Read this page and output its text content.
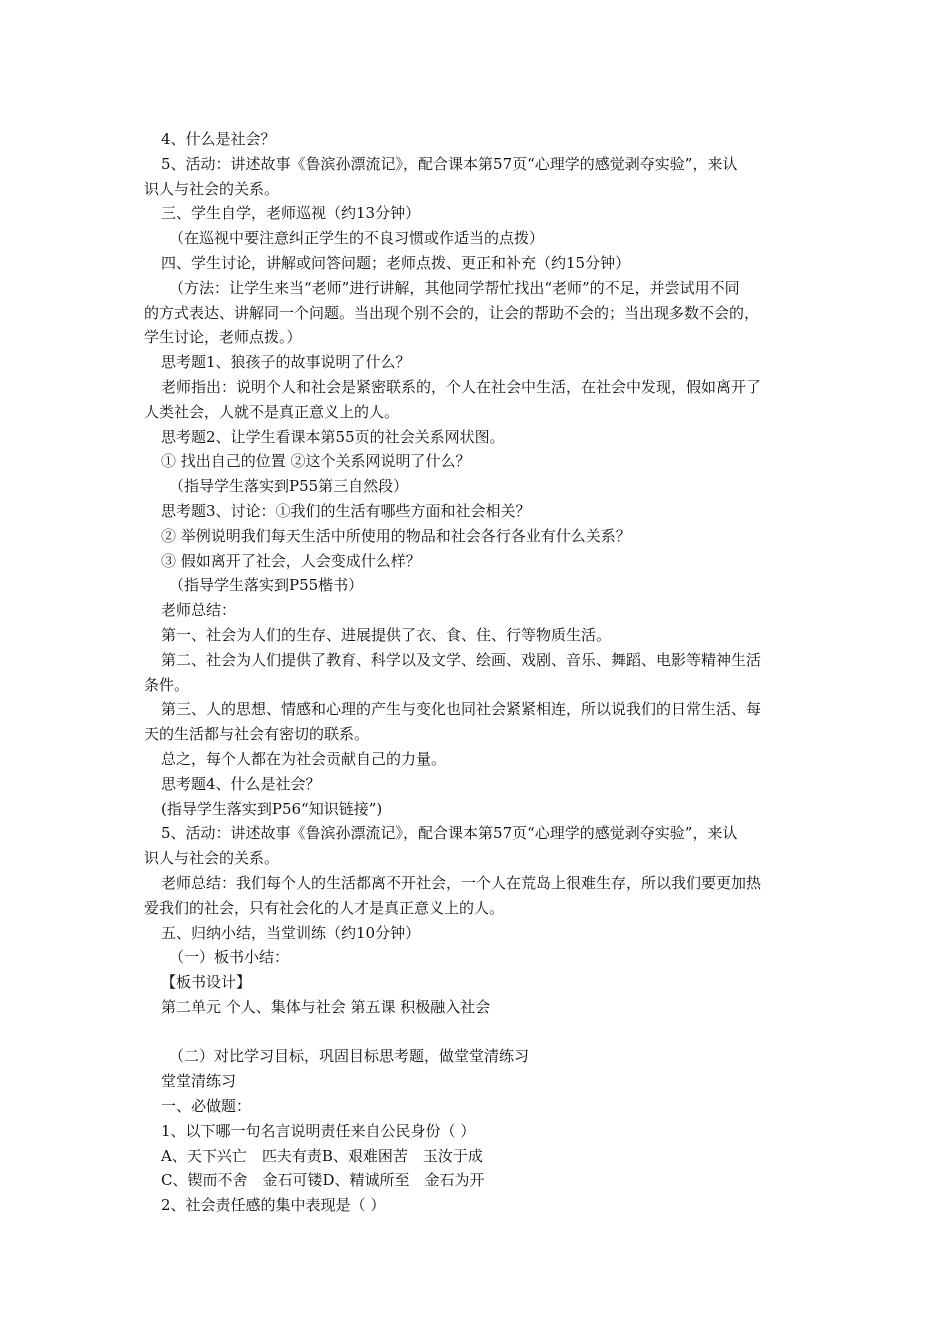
4、什么是社会？
5、活动：讲述故事《鲁滨孙漂流记》，配合课本第57页“心理学的感觉剥夺实验”，来认
识人与社会的关系。
三、学生自学，老师巡视（约13分钟）
（在巡视中要注意纠正学生的不良习惯或作适当的点拨）
四、学生讨论，讲解或问答问题；老师点拨、更正和补充（约15分钟）
（方法：让学生来当“老师”进行讲解，其他同学帮忙找出“老师”的不足，并尝试用不同
的方式表达、讲解同一个问题。当出现个别不会的，让会的帮助不会的；当出现多数不会的，
学生讨论，老师点拨。）
思考题1、狼孩子的故事说明了什么？
老师指出：说明个人和社会是紧密联系的，个人在社会中生活，在社会中发现，假如离开了
人类社会，人就不是真正意义上的人。
思考题2、让学生看课本第55页的社会关系网状图。
① 找出自己的位置 ②这个关系网说明了什么？
（指导学生落实到P55第三自然段）
思考题3、讨论：①我们的生活有哪些方面和社会相关？
② 举例说明我们每天生活中所使用的物品和社会各行各业有什么关系？
③ 假如离开了社会，人会变成什么样？
（指导学生落实到P55楷书）
老师总结：
第一、社会为人们的生存、进展提供了衣、食、住、行等物质生活。
第二、社会为人们提供了教育、科学以及文学、绘画、戏剧、音乐、舞蹈、电影等精神生活
条件。
第三、人的思想、情感和心理的产生与变化也同社会紧紧相连，所以说我们的日常生活、每
天的生活都与社会有密切的联系。
总之，每个人都在为社会贡献自己的力量。
思考题4、什么是社会？
(指导学生落实到P56“知识链接”)
5、活动：讲述故事《鲁滨孙漂流记》，配合课本第57页“心理学的感觉剥夺实验”，来认
识人与社会的关系。
老师总结：我们每个人的生活都离不开社会，一个人在荒岛上很难生存，所以我们要更加热
爱我们的社会，只有社会化的人才是真正意义上的人。
五、归纳小结，当堂训练（约10分钟）
（一）板书小结：
【板书设计】
第二单元 个人、集体与社会 第五课 积极融入社会
（二）对比学习目标，巩固目标思考题，做堂堂清练习
堂堂清练习
一、必做题：
1、以下哪一句名言说明责任来自公民身份（ ）
A、天下兴亡　匹夫有责B、艰难困苦　玉汝于成
C、锲而不舍　金石可镂D、精诚所至　金石为开
2、社会责任感的集中表现是（ ）
